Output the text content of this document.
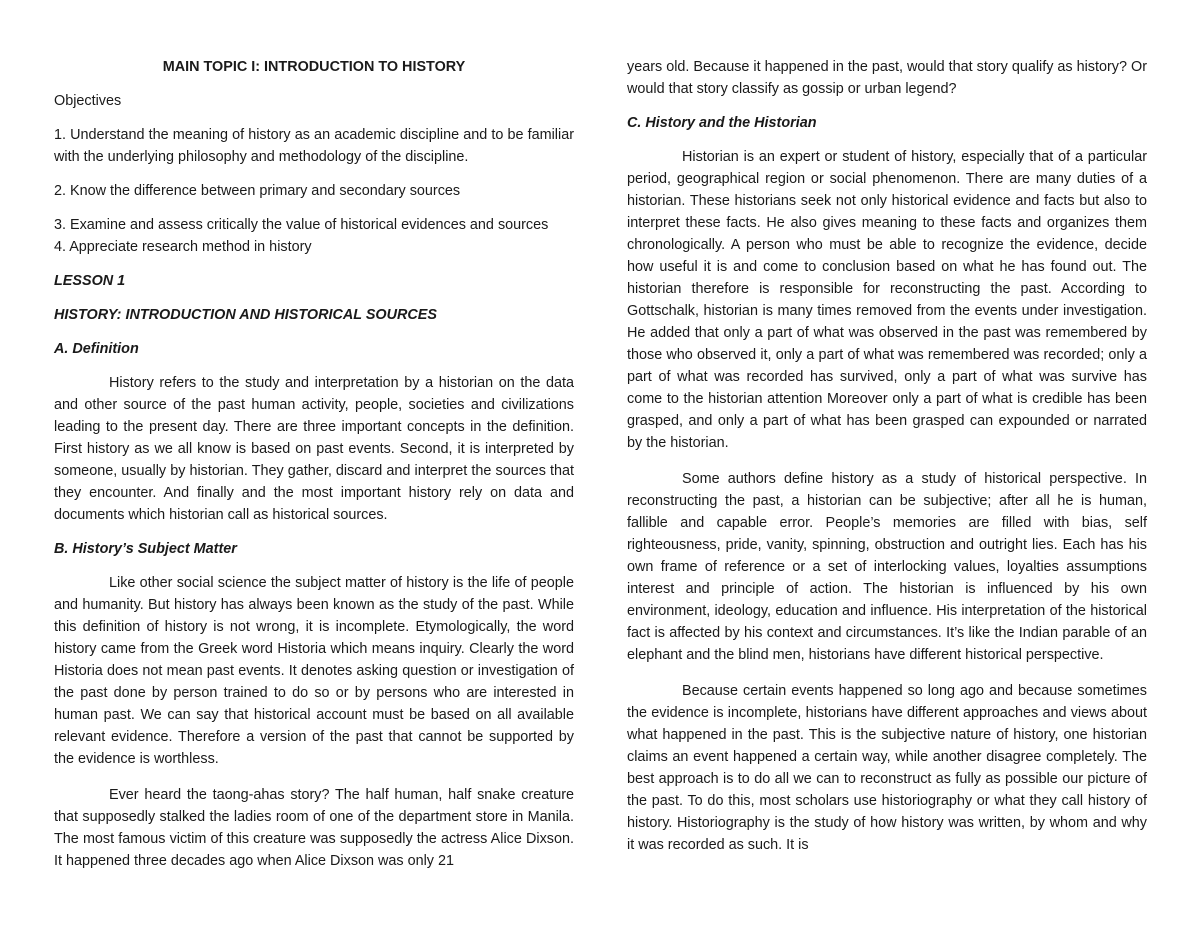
MAIN TOPIC I: INTRODUCTION TO HISTORY

Objectives

1. Understand the meaning of history as an academic discipline and to be familiar with the underlying philosophy and methodology of the discipline.

2. Know the difference between primary and secondary sources

3. Examine and assess critically the value of historical evidences and sources

4. Appreciate research method in history

LESSON 1

HISTORY: INTRODUCTION AND HISTORICAL SOURCES

A. Definition

History refers to the study and interpretation by a historian on the data and other source of the past human activity, people, societies and civilizations leading to the present day. There are three important concepts in the definition. First history as we all know is based on past events. Second, it is interpreted by someone, usually by historian. They gather, discard and interpret the sources that they encounter. And finally and the most important history rely on data and documents which historian call as historical sources.

B. History’s Subject Matter

Like other social science the subject matter of history is the life of people and humanity. But history has always been known as the study of the past. While this definition of history is not wrong, it is incomplete. Etymologically, the word history came from the Greek word Historia which means inquiry. Clearly the word Historia does not mean past events. It denotes asking question or investigation of the past done by person trained to do so or by persons who are interested in human past. We can say that historical account must be based on all available relevant evidence. Therefore a version of the past that cannot be supported by the evidence is worthless.

Ever heard the taong-ahas story? The half human, half snake creature that supposedly stalked the ladies room of one of the department store in Manila. The most famous victim of this creature was supposedly the actress Alice Dixson. It happened three decades ago when Alice Dixson was only 21

years old. Because it happened in the past, would that story qualify as history? Or would that story classify as gossip or urban legend?

C. History and the Historian

Historian is an expert or student of history, especially that of a particular period, geographical region or social phenomenon. There are many duties of a historian. These historians seek not only historical evidence and facts but also to interpret these facts. He also gives meaning to these facts and organizes them chronologically. A person who must be able to recognize the evidence, decide how useful it is and come to conclusion based on what he has found out. The historian therefore is responsible for reconstructing the past. According to Gottschalk, historian is many times removed from the events under investigation. He added that only a part of what was observed in the past was remembered by those who observed it, only a part of what was remembered was recorded; only a part of what was recorded has survived, only a part of what was survive has come to the historian attention Moreover only a part of what is credible has been grasped, and only a part of what has been grasped can expounded or narrated by the historian.

Some authors define history as a study of historical perspective. In reconstructing the past, a historian can be subjective; after all he is human, fallible and capable error. People’s memories are filled with bias, self righteousness, pride, vanity, spinning, obstruction and outright lies. Each has his own frame of reference or a set of interlocking values, loyalties assumptions interest and principle of action. The historian is influenced by his own environment, ideology, education and influence. His interpretation of the historical fact is affected by his context and circumstances. It’s like the Indian parable of an elephant and the blind men, historians have different historical perspective.

Because certain events happened so long ago and because sometimes the evidence is incomplete, historians have different approaches and views about what happened in the past. This is the subjective nature of history, one historian claims an event happened a certain way, while another disagree completely. The best approach is to do all we can to reconstruct as fully as possible our picture of the past. To do this, most scholars use historiography or what they call history of history. Historiography is the study of how history was written, by whom and why it was recorded as such. It is
